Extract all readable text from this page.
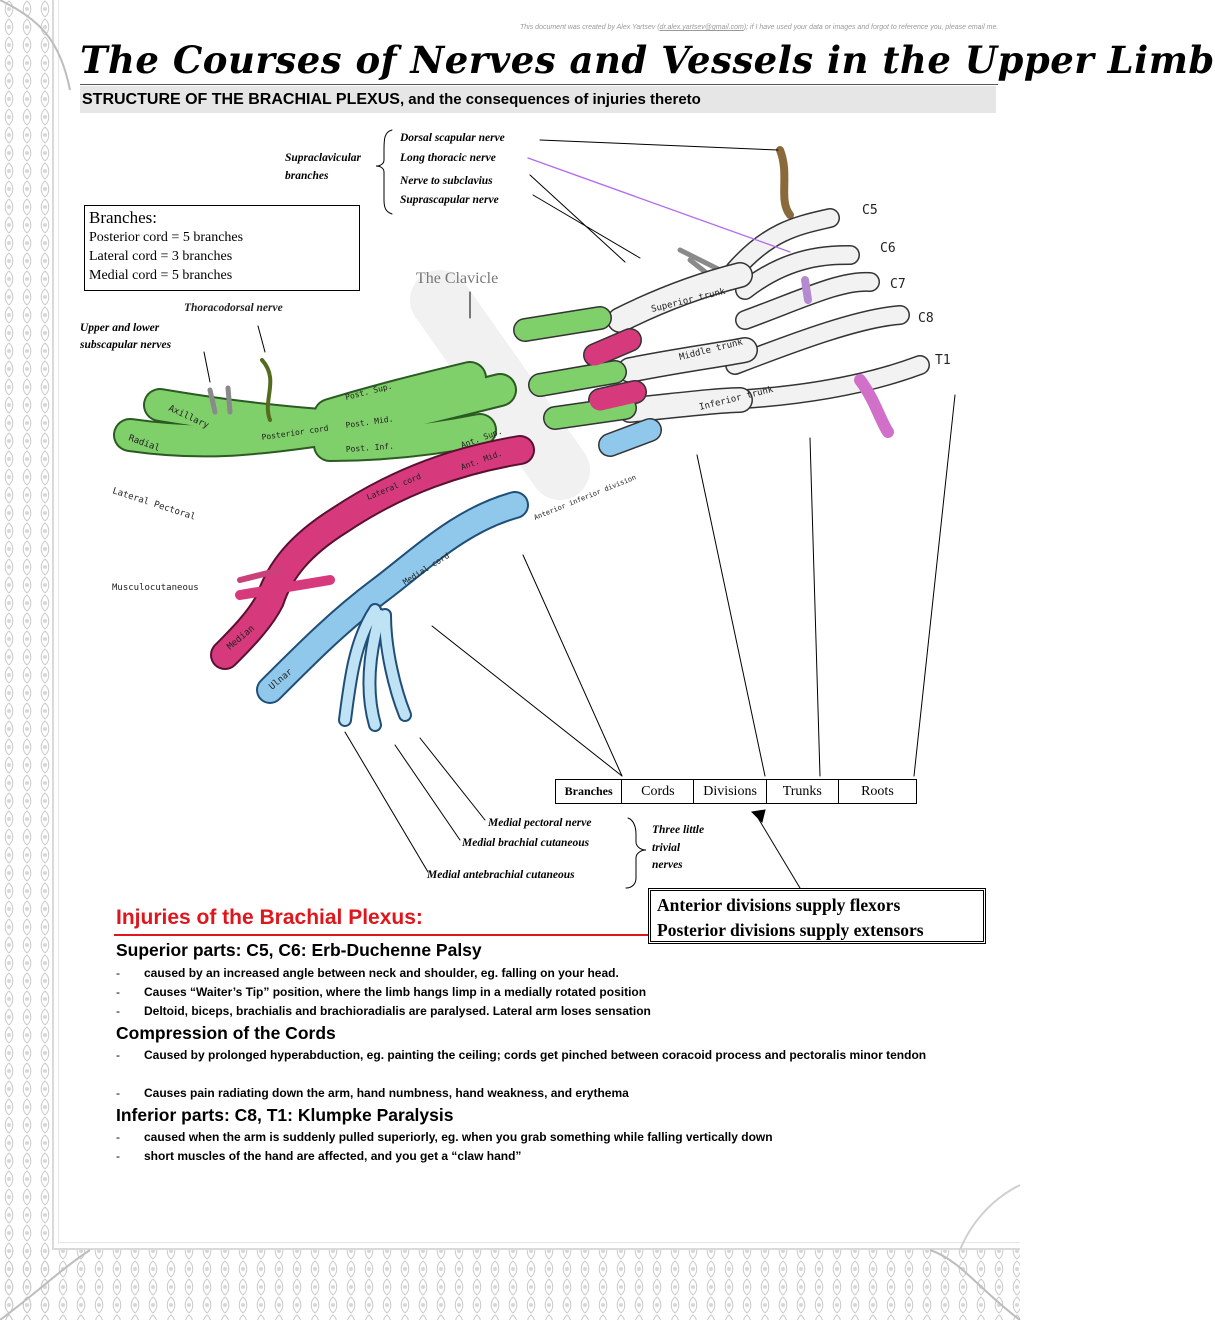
This document was created by Alex Yartsev (dr.alex.yartsev@gmail.com); if I have used your data or images and forgot to reference you, please email me.
The Courses of Nerves and Vessels in the Upper Limb
STRUCTURE OF THE BRACHIAL PLEXUS, and the consequences of injuries thereto
C5
C6
C7
C8
T1
Superior trunk
Middle trunk
Inferior trunk
Post. Sup.
Post. Mid.
Post. Inf.	Ant. Sup.
Ant. Mid.
Anterior inferior division
Posterior cord
Lateral cord
Medial cord
Axillary
Radial
Lateral Pectoral
Musculocutaneous
Median
Ulnar
Supraclavicular
branches
Dorsal scapular nerve
Long thoracic nerve
Nerve to subclavius
Suprascapular nerve
Branches:
Posterior cord = 5 branches
Lateral cord = 3 branches
Medial cord = 5 branches	The Clavicle
Thoracodorsal nerve
Upper and lower
subscapular nerves
Branches	Cords	Divisions	Trunks	Roots
Medial pectoral nerve
Medial brachial cutaneous
Medial antebrachial cutaneous
Three little
trivial
nerves
Anterior divisions supply flexors
Posterior divisions supply extensors
Injuries of the Brachial Plexus:
Superior parts: C5, C6: Erb-Duchenne Palsy
-	caused by an increased angle between neck and shoulder, eg. falling on your head.
-	Causes “Waiter’s Tip” position, where the limb hangs limp in a medially rotated position
-	Deltoid, biceps, brachialis and brachioradialis are paralysed. Lateral arm loses sensation
Compression of the Cords
-	Caused by prolonged hyperabduction, eg. painting the ceiling; cords get pinched between coracoid process and pectoralis minor tendon
-	Causes pain radiating down the arm, hand numbness, hand weakness, and erythema
Inferior parts: C8, T1: Klumpke Paralysis
-	caused when the arm is suddenly pulled superiorly, eg. when you grab something while falling vertically down
-	short muscles of the hand are affected, and you get a “claw hand”
